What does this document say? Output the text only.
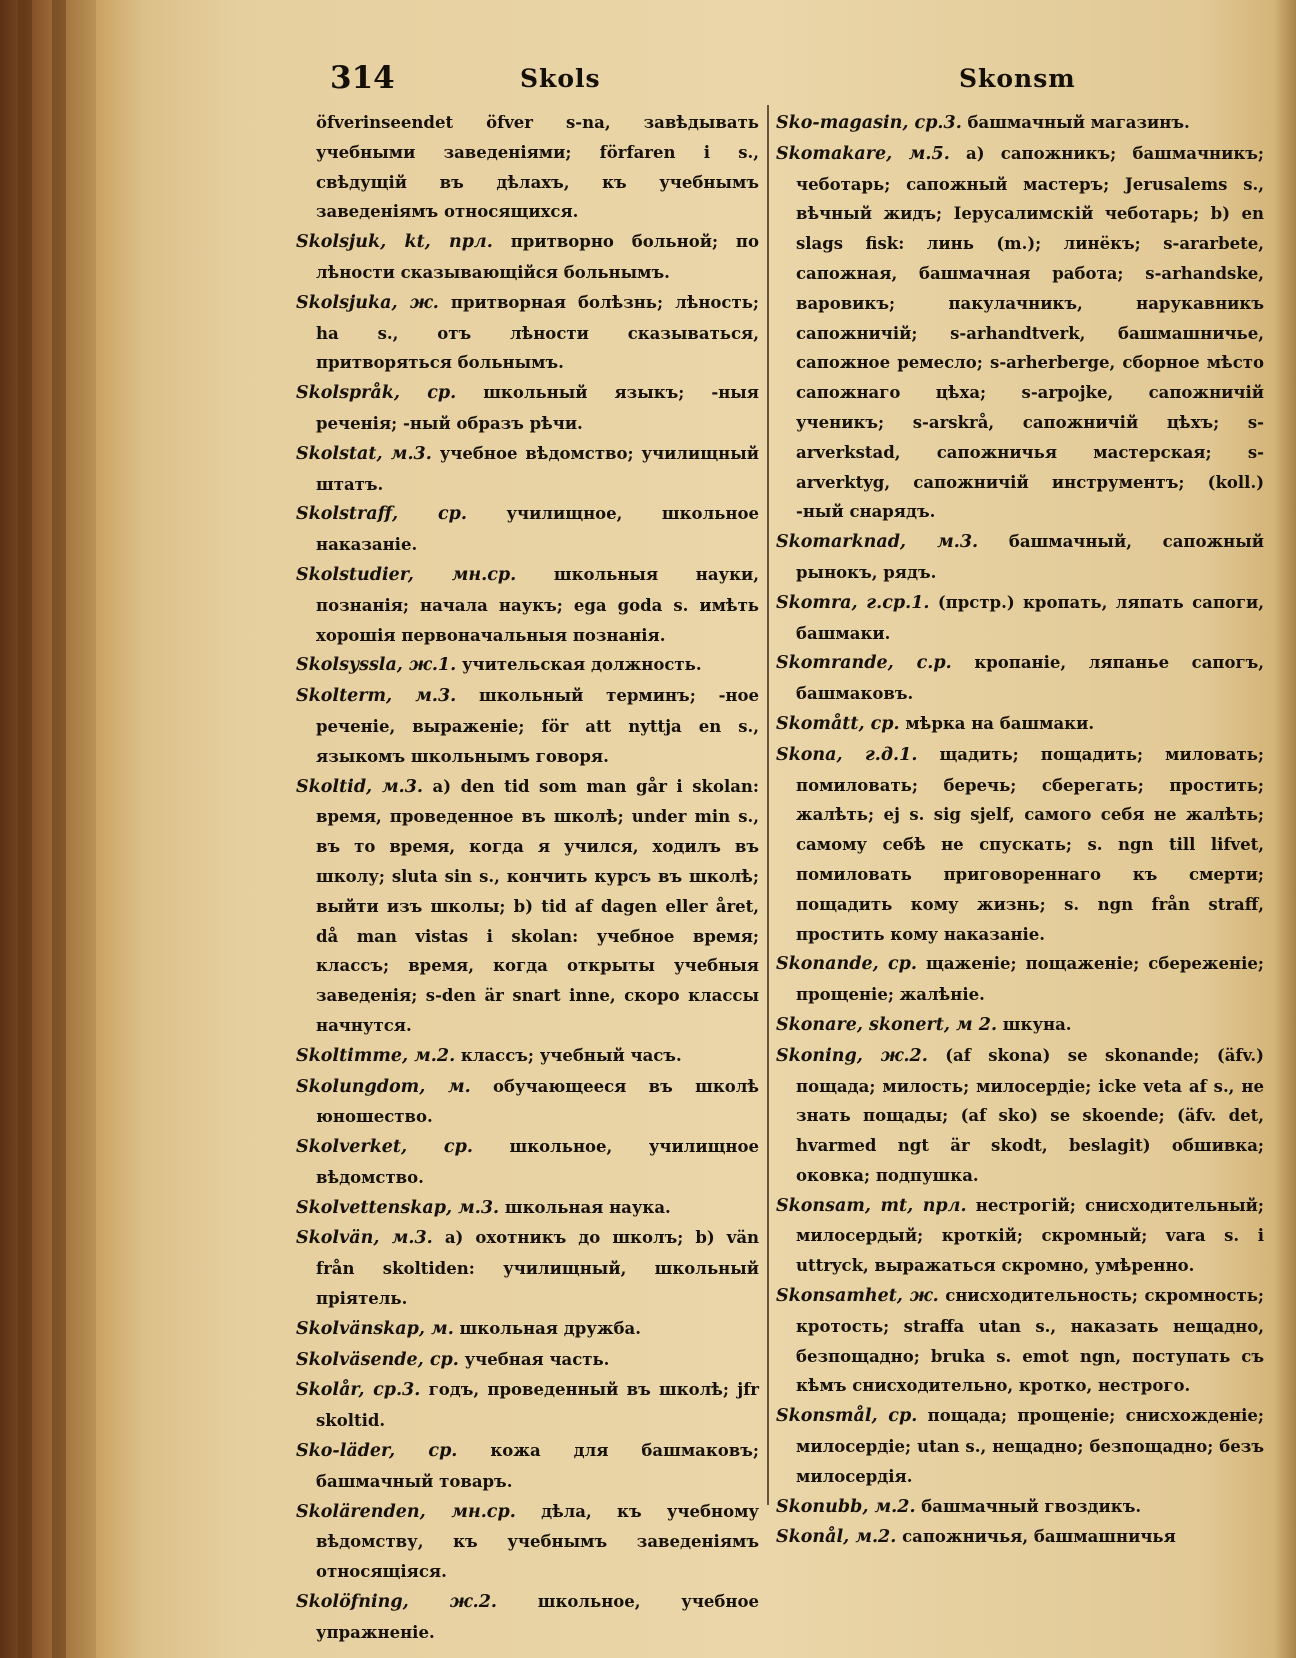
314	Skols	Skonsm

öfverinseendet öfver s-na, завѣдывать учебными заведеніями; förfaren i s., свѣдущій въ дѣлахъ, къ учебнымъ заведеніямъ относящихся.

Skolsjuk, kt, прл. притворно больной; по лѣности сказывающійся больнымъ.

Skolsjuka, ж. притворная болѣзнь; лѣность; ha s., отъ лѣности сказываться, притворяться больнымъ.

Skolspråk, ср. школьный языкъ; -ныя реченія; -ный образъ рѣчи.

Skolstat, м.3. учебное вѣдомство; училищный штатъ.

Skolstraff, ср. училищное, школьное наказаніе.

Skolstudier, мн.ср. школьныя науки, познанія; начала наукъ; ega goda s. имѣть хорошія первоначальныя познанія.

Skolsyssla, ж.1. учительская должность.

Skolterm, м.3. школьный терминъ; -ное реченіе, выраженіе; för att nyttja en s., языкомъ школьнымъ говоря.

Skoltid, м.3. a) den tid som man går i skolan: время, проведенное въ школѣ; under min s., въ то время, когда я учился, ходилъ въ школу; sluta sin s., кончить курсъ въ школѣ; выйти изъ школы; b) tid af dagen eller året, då man vistas i skolan: учебное время; классъ; время, когда открыты учебныя заведенія; s-den är snart inne, скоро классы начнутся.

Skoltimme, м.2. классъ; учебный часъ.

Skolungdom, м. обучающееся въ школѣ юношество.

Skolverket, ср. школьное, училищное вѣдомство.

Skolvettenskap, м.3. школьная наука.

Skolvän, м.3. a) охотникъ до школъ; b) vän från skoltiden: училищный, школьный пріятель.

Skolvänskap, м. школьная дружба.

Skolväsende, ср. учебная часть.

Skolår, ср.3. годъ, проведенный въ школѣ; jfr skoltid.

Sko-läder, ср. кожа для башмаковъ; башмачный товаръ.

Skolärenden, мн.ср. дѣла, къ учебному вѣдомству, къ учебнымъ заведеніямъ относящіяся.

Skolöfning, ж.2. школьное, учебное упражненіе.

Sko-magasin, ср.3. башмачный магазинъ.

Skomakare, м.5. a) сапожникъ; башмачникъ; чеботарь; сапожный мастеръ; Jerusalems s., вѣчный жидъ; Іерусалимскій чеботарь; b) en slags fisk: линь (m.); линёкъ; s-ararbete, сапожная, башмачная работа; s-arhandske, варовикъ; пакулачникъ, нарукавникъ сапожничій; s-arhandtverk, башмашничье, сапожное ремесло; s-arherberge, сборное мѣсто сапожнаго цѣха; s-arpojke, сапожничій ученикъ; s-arskrå, сапожничій цѣхъ; s-arverkstad, сапожничья мастерская; s-arverktyg, сапожничій инструментъ; (koll.) -ный снарядъ.

Skomarknad, м.3. башмачный, сапожный рынокъ, рядъ.

Skomra, г.ср.1. (прстр.) кропать, ляпать сапоги, башмаки.

Skomrande, с.р. кропаніе, ляпанье сапогъ, башмаковъ.

Skomått, ср. мѣрка на башмаки.

Skona, г.д.1. щадить; пощадить; миловать; помиловать; беречь; сберегать; простить; жалѣть; ej s. sig sjelf, самого себя не жалѣть; самому себѣ не спускать; s. ngn till lifvet, помиловать приговореннаго къ смерти; пощадить кому жизнь; s. ngn från straff, простить кому наказаніе.

Skonande, ср. щаженіе; пощаженіе; сбереженіе; прощеніе; жалѣніе.

Skonare, skonert, м 2. шкуна.

Skoning, ж.2. (af skona) se skonande; (äfv.) пощада; милость; милосердіе; icke veta af s., не знать пощады; (af sko) se skoende; (äfv. det, hvarmed ngt är skodt, beslagit) обшивка; оковка; подпушка.

Skonsam, mt, прл. нестрогій; снисходительный; милосердый; кроткій; скромный; vara s. i uttryck, выражаться скромно, умѣренно.

Skonsamhet, ж. снисходительность; скромность; кротость; straffa utan s., наказать нещадно, безпощадно; bruka s. emot ngn, поступать съ кѣмъ снисходительно, кротко, нестрого.

Skonsmål, ср. пощада; прощеніе; снисхожденіе; милосердіе; utan s., нещадно; безпощадно; безъ милосердія.

Skonubb, м.2. башмачный гвоздикъ.

Skonål, м.2. сапожничья, башмашничья
